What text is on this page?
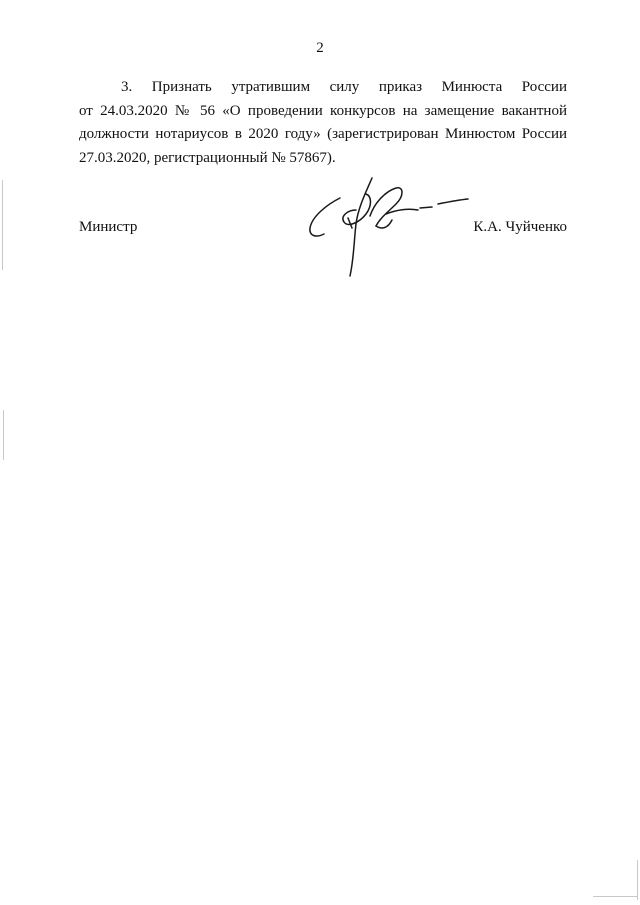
2
3. Признать утратившим силу приказ Минюста России
от 24.03.2020 № 56 «О проведении конкурсов на замещение вакантной
должности нотариусов в 2020 году» (зарегистрирован Минюстом России
27.03.2020, регистрационный № 57867).
Министр	К.А. Чуйченко
